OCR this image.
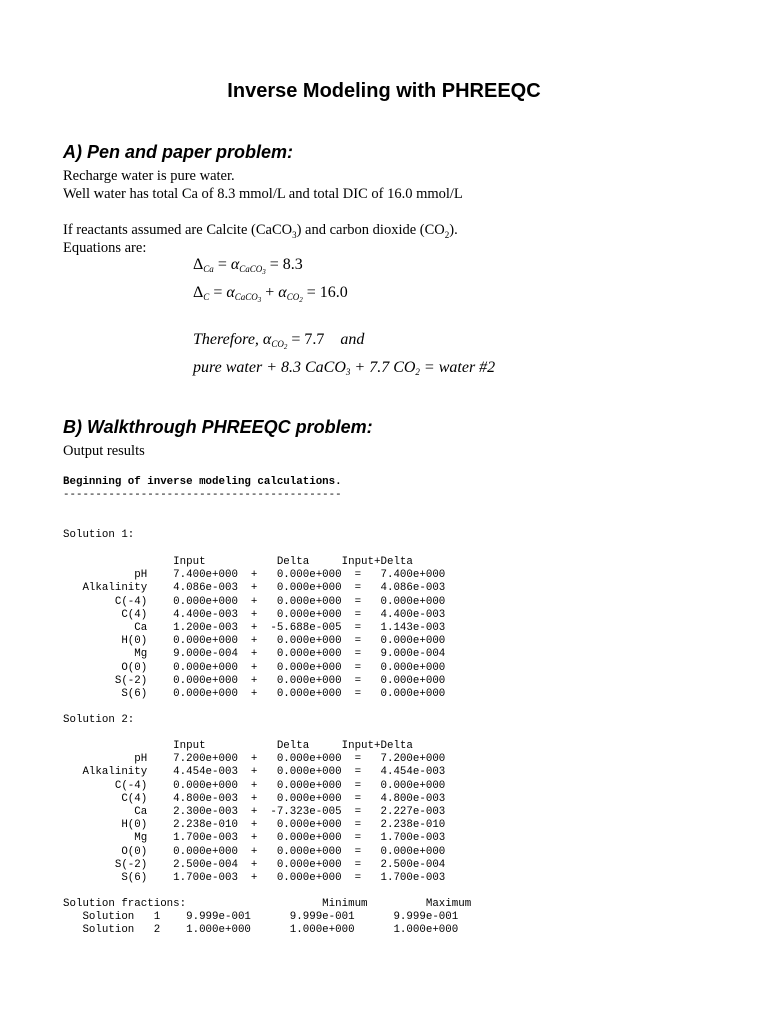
Inverse Modeling with PHREEQC
A) Pen and paper problem:
Recharge water is pure water.
Well water has total Ca of 8.3 mmol/L and total DIC of 16.0 mmol/L
If reactants assumed are Calcite (CaCO$_3$) and carbon dioxide $(CO_2)$.
Equations are:
$\Delta_{Ca} = \alpha_{CaCO_3} = 8.3$
$\Delta_C = \alpha_{CaCO_3} + \alpha_{CO_2} = 16.0$
Therefore, $\alpha_{CO_2} = 7.7$ and
pure water + 8.3 CaCO$_3$ + 7.7 $CO_2$ = water #2
B) Walkthrough PHREEQC problem:
Output results
Beginning of inverse modeling calculations.
-------------------------------------------
Solution 1:
Input           Delta     Input+Delta
pH    7.400e+000  +   0.000e+000  =   7.400e+000
Alkalinity    4.086e-003  +   0.000e+000  =   4.086e-003
C(-4)    0.000e+000  +   0.000e+000  =   0.000e+000
C(4)    4.400e-003  +   0.000e+000  =   4.400e-003
Ca    1.200e-003  +  -5.688e-005  =   1.143e-003
H(0)    0.000e+000  +   0.000e+000  =   0.000e+000
Mg    9.000e-004  +   0.000e+000  =   9.000e-004
O(0)    0.000e+000  +   0.000e+000  =   0.000e+000
S(-2)    0.000e+000  +   0.000e+000  =   0.000e+000
S(6)    0.000e+000  +   0.000e+000  =   0.000e+000
Solution 2:
Input           Delta     Input+Delta
pH    7.200e+000  +   0.000e+000  =   7.200e+000
Alkalinity    4.454e-003  +   0.000e+000  =   4.454e-003
C(-4)    0.000e+000  +   0.000e+000  =   0.000e+000
C(4)    4.800e-003  +   0.000e+000  =   4.800e-003
Ca    2.300e-003  +  -7.323e-005  =   2.227e-003
H(0)    2.238e-010  +   0.000e+000  =   2.238e-010
Mg    1.700e-003  +   0.000e+000  =   1.700e-003
O(0)    0.000e+000  +   0.000e+000  =   0.000e+000
S(-2)    2.500e-004  +   0.000e+000  =   2.500e-004
S(6)    1.700e-003  +   0.000e+000  =   1.700e-003
Solution fractions:                     Minimum         Maximum
Solution   1    9.999e-001      9.999e-001      9.999e-001
Solution   2    1.000e+000      1.000e+000      1.000e+000
